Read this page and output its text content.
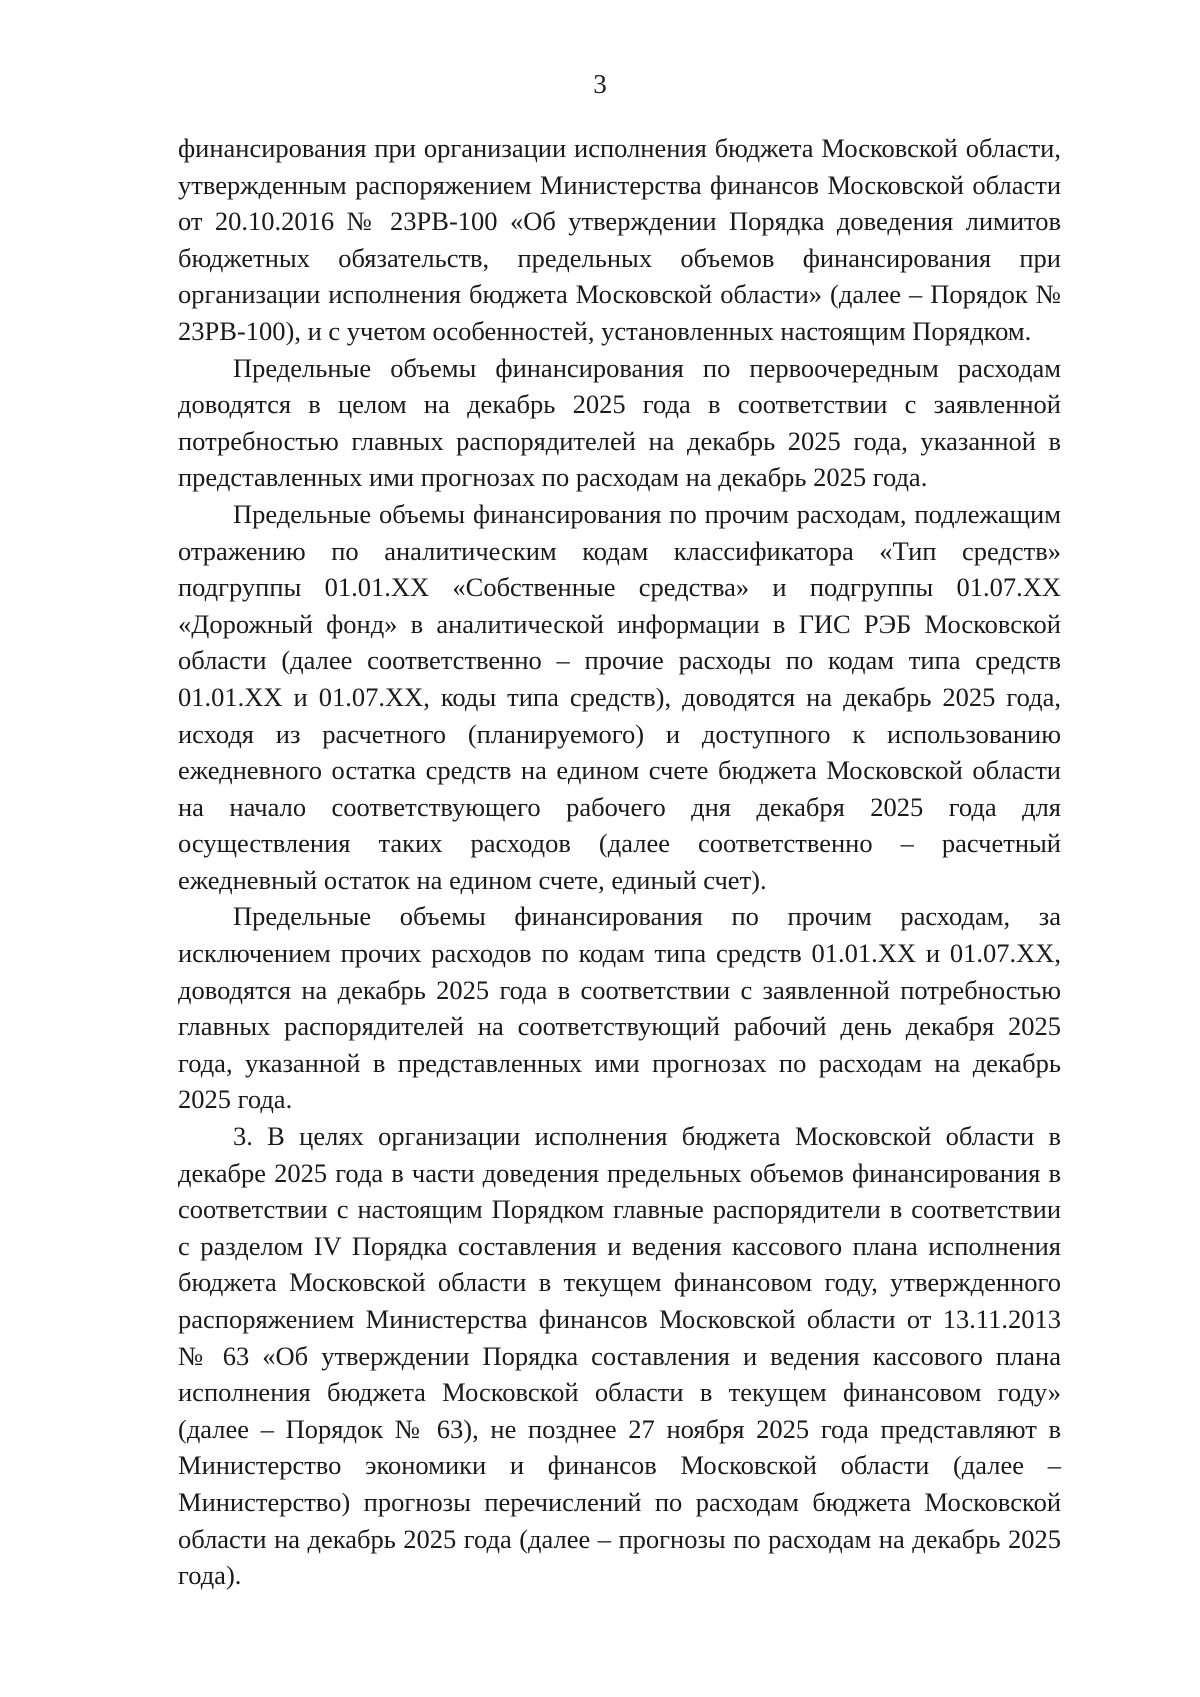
3

финансирования при организации исполнения бюджета Московской области, утвержденным распоряжением Министерства финансов Московской области от 20.10.2016 № 23РВ-100 «Об утверждении Порядка доведения лимитов бюджетных обязательств, предельных объемов финансирования при организации исполнения бюджета Московской области» (далее – Порядок № 23РВ-100), и с учетом особенностей, установленных настоящим Порядком.

Предельные объемы финансирования по первоочередным расходам доводятся в целом на декабрь 2025 года в соответствии с заявленной потребностью главных распорядителей на декабрь 2025 года, указанной в представленных ими прогнозах по расходам на декабрь 2025 года.

Предельные объемы финансирования по прочим расходам, подлежащим отражению по аналитическим кодам классификатора «Тип средств» подгруппы 01.01.XX «Собственные средства» и подгруппы 01.07.XX «Дорожный фонд» в аналитической информации в ГИС РЭБ Московской области (далее соответственно – прочие расходы по кодам типа средств 01.01.XX и 01.07.XX, коды типа средств), доводятся на декабрь 2025 года, исходя из расчетного (планируемого) и доступного к использованию ежедневного остатка средств на едином счете бюджета Московской области на начало соответствующего рабочего дня декабря 2025 года для осуществления таких расходов (далее соответственно – расчетный ежедневный остаток на едином счете, единый счет).

Предельные объемы финансирования по прочим расходам, за исключением прочих расходов по кодам типа средств 01.01.XX и 01.07.XX, доводятся на декабрь 2025 года в соответствии с заявленной потребностью главных распорядителей на соответствующий рабочий день декабря 2025 года, указанной в представленных ими прогнозах по расходам на декабрь 2025 года.

3. В целях организации исполнения бюджета Московской области в декабре 2025 года в части доведения предельных объемов финансирования в соответствии с настоящим Порядком главные распорядители в соответствии с разделом IV Порядка составления и ведения кассового плана исполнения бюджета Московской области в текущем финансовом году, утвержденного распоряжением Министерства финансов Московской области от 13.11.2013 № 63 «Об утверждении Порядка составления и ведения кассового плана исполнения бюджета Московской области в текущем финансовом году» (далее – Порядок № 63), не позднее 27 ноября 2025 года представляют в Министерство экономики и финансов Московской области (далее – Министерство) прогнозы перечислений по расходам бюджета Московской области на декабрь 2025 года (далее – прогнозы по расходам на декабрь 2025 года).
